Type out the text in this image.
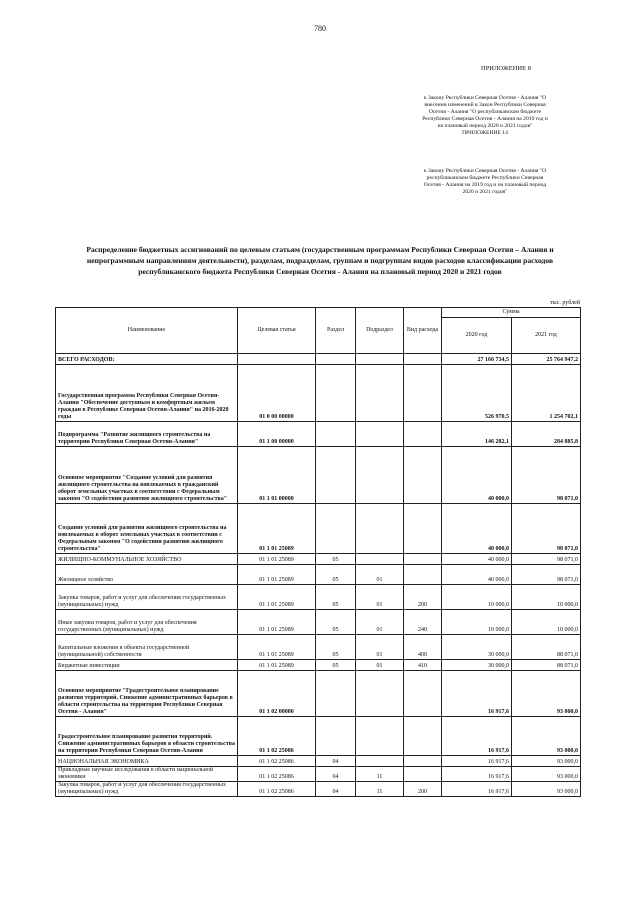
780
ПРИЛОЖЕНИЕ 8
к Закону Республики Северная Осетия - Алания "О
внесении изменений в Закон Республики Северная
Осетия - Алания "О республиканском бюджете
Республики Северная Осетия - Алания на 2019 год и
на плановый период 2020 и 2021 годов"
ПРИЛОЖЕНИЕ 14
к Закону Республики Северная Осетия - Алания "О
республиканском бюджете Республики Северная
Осетия - Алания на 2019 год и на плановый период
2020 и 2021 годов"
Распределение бюджетных ассигнований по целевым статьям (государственным программам Республики Северная Осетия – Алания и непрограммным направлениям деятельности), разделам, подразделам, группам и подгруппам видов расходов классификации расходов республиканского бюджета Республики Северная Осетия - Алания на плановый период 2020 и 2021 годов
тыс. рублей
Наименование	Целевая статья	Раздел	Подраздел	Вид расхода	Сумма	
					2020 год	2021 год
ВСЕГО РАСХОДОВ:					27 166 734,5	25 764 947,2
Государственная программа Республики Северная Осетия-Алания "Обеспечение доступным и комфортным жильем граждан в Республике Северная Осетия-Алания" на 2016-2020 годы	01 0 00 00000				526 970,5	1 254 702,1
Подпрограмма "Развитие жилищного строительства на территории Республики Северная Осетия-Алания"	01 1 00 00000				146 282,1	284 885,8
Основное мероприятие "Создание условий для развития жилищного строительства на вовлекаемых в гражданский оборот земельных участках в соответствии с Федеральным законом "О содействии развитию жилищного строительства"	01 1 01 00000				40 000,0	98 071,0
Создание условий для развития жилищного строительства на вовлекаемых в оборот земельных участках в соответствии с Федеральным законом "О содействии развитию жилищного строительства"	01 1 01 25089				40 000,0	98 071,0
ЖИЛИЩНО-КОММУНАЛЬНОЕ ХОЗЯЙСТВО	01 1 01 25089	05			40 000,0	98 071,0
Жилищное хозяйство	01 1 01 25089	05	01		40 000,0	98 071,0
Закупка товаров, работ и услуг для обеспечения государственных (муниципальных) нужд	01 1 01 25089	05	01	200	10 000,0	10 000,0
Иные закупки товаров, работ и услуг для обеспечения государственных (муниципальных) нужд	01 1 01 25089	05	01	240	10 000,0	10 000,0
Капитальные вложения в объекты государственной (муниципальной) собственности	01 1 01 25089	05	01	400	30 000,0	88 071,0
Бюджетные инвестиции	01 1 01 25089	05	01	410	30 000,0	88 071,0
Основное мероприятие "Градостроительное планирование развития территорий. Снижение административных барьеров в области строительства на территории Республики Северная Осетия - Алания"	01 1 02 00000				16 917,6	93 000,0
Градостроительное планирование развития территорий. Снижение административных барьеров в области строительства на территории Республики Северная Осетия-Алания	01 1 02 25086				16 917,6	93 000,0
НАЦИОНАЛЬНАЯ ЭКОНОМИКА	01 1 02 25086	04			16 917,6	93 000,0
Прикладные научные исследования в области национальной экономики	01 1 02 25086	04	11		16 917,6	93 000,0
Закупка товаров, работ и услуг для обеспечения государственных (муниципальных) нужд	01 1 02 25086	04	11	200	16 917,6	93 000,0
